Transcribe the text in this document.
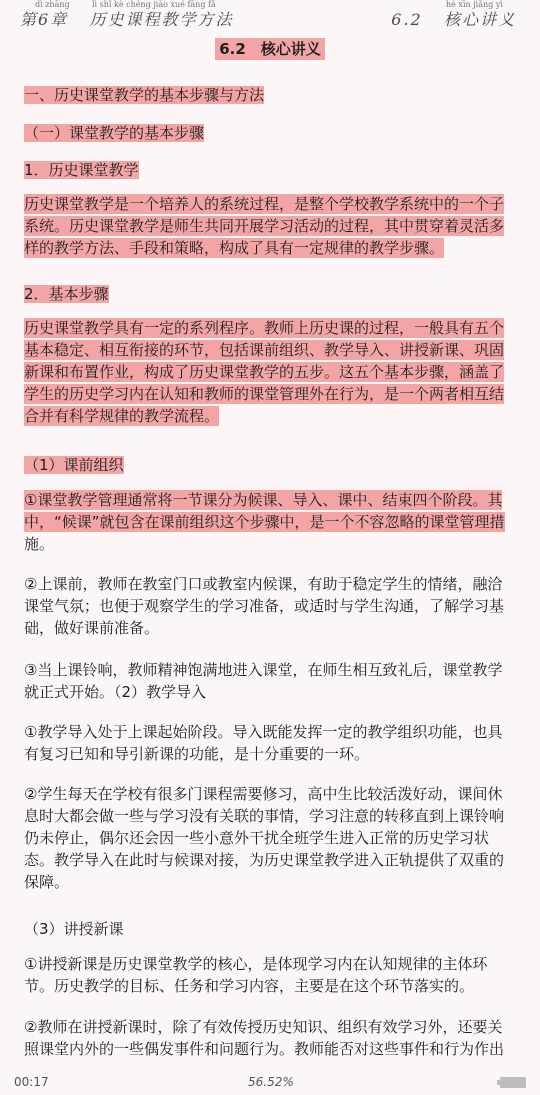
dì zhāng	lì shǐ kè chéng jiào xué fāng fǎ
第6章 历史课程教学方法
hé xīn jiǎng yì
6.2 核心讲义
6.2　核心讲义
一、历史课堂教学的基本步骤与方法
（一）课堂教学的基本步骤
1．历史课堂教学
历史课堂教学是一个培养人的系统过程，是整个学校教学系统中的一个子系统。历史课堂教学是师生共同开展学习活动的过程，其中贯穿着灵活多样的教学方法、手段和策略，构成了具有一定规律的教学步骤。
2．基本步骤
历史课堂教学具有一定的系列程序。教师上历史课的过程，一般具有五个基本稳定、相互衔接的环节，包括课前组织、教学导入、讲授新课、巩固新课和布置作业，构成了历史课堂教学的五步。这五个基本步骤，涵盖了学生的历史学习内在认知和教师的课堂管理外在行为，是一个两者相互结合并有科学规律的教学流程。
（1）课前组织
①课堂教学管理通常将一节课分为候课、导入、课中、结束四个阶段。其中，“候课”就包含在课前组织这个步骤中，是一个不容忽略的课堂管理措施。
②上课前，教师在教室门口或教室内候课，有助于稳定学生的情绪，融洽课堂气氛；也便于观察学生的学习准备，或适时与学生沟通，了解学习基础，做好课前准备。
③当上课铃响，教师精神饱满地进入课堂，在师生相互致礼后，课堂教学就正式开始。（2）教学导入
①教学导入处于上课起始阶段。导入既能发挥一定的教学组织功能，也具有复习已知和导引新课的功能，是十分重要的一环。
②学生每天在学校有很多门课程需要修习，高中生比较活泼好动，课间休息时大都会做一些与学习没有关联的事情，学习注意的转移直到上课铃响仍未停止，偶尔还会因一些小意外干扰全班学生进入正常的历史学习状态。教学导入在此时与候课对接，为历史课堂教学进入正轨提供了双重的保障。
（3）讲授新课
①讲授新课是历史课堂教学的核心，是体现学习内在认知规律的主体环节。历史教学的目标、任务和学习内容，主要是在这个环节落实的。
②教师在讲授新课时，除了有效传授历史知识、组织有效学习外，还要关照课堂内外的一些偶发事件和问题行为。教师能否对这些事件和行为作出
00:17	56.52%
